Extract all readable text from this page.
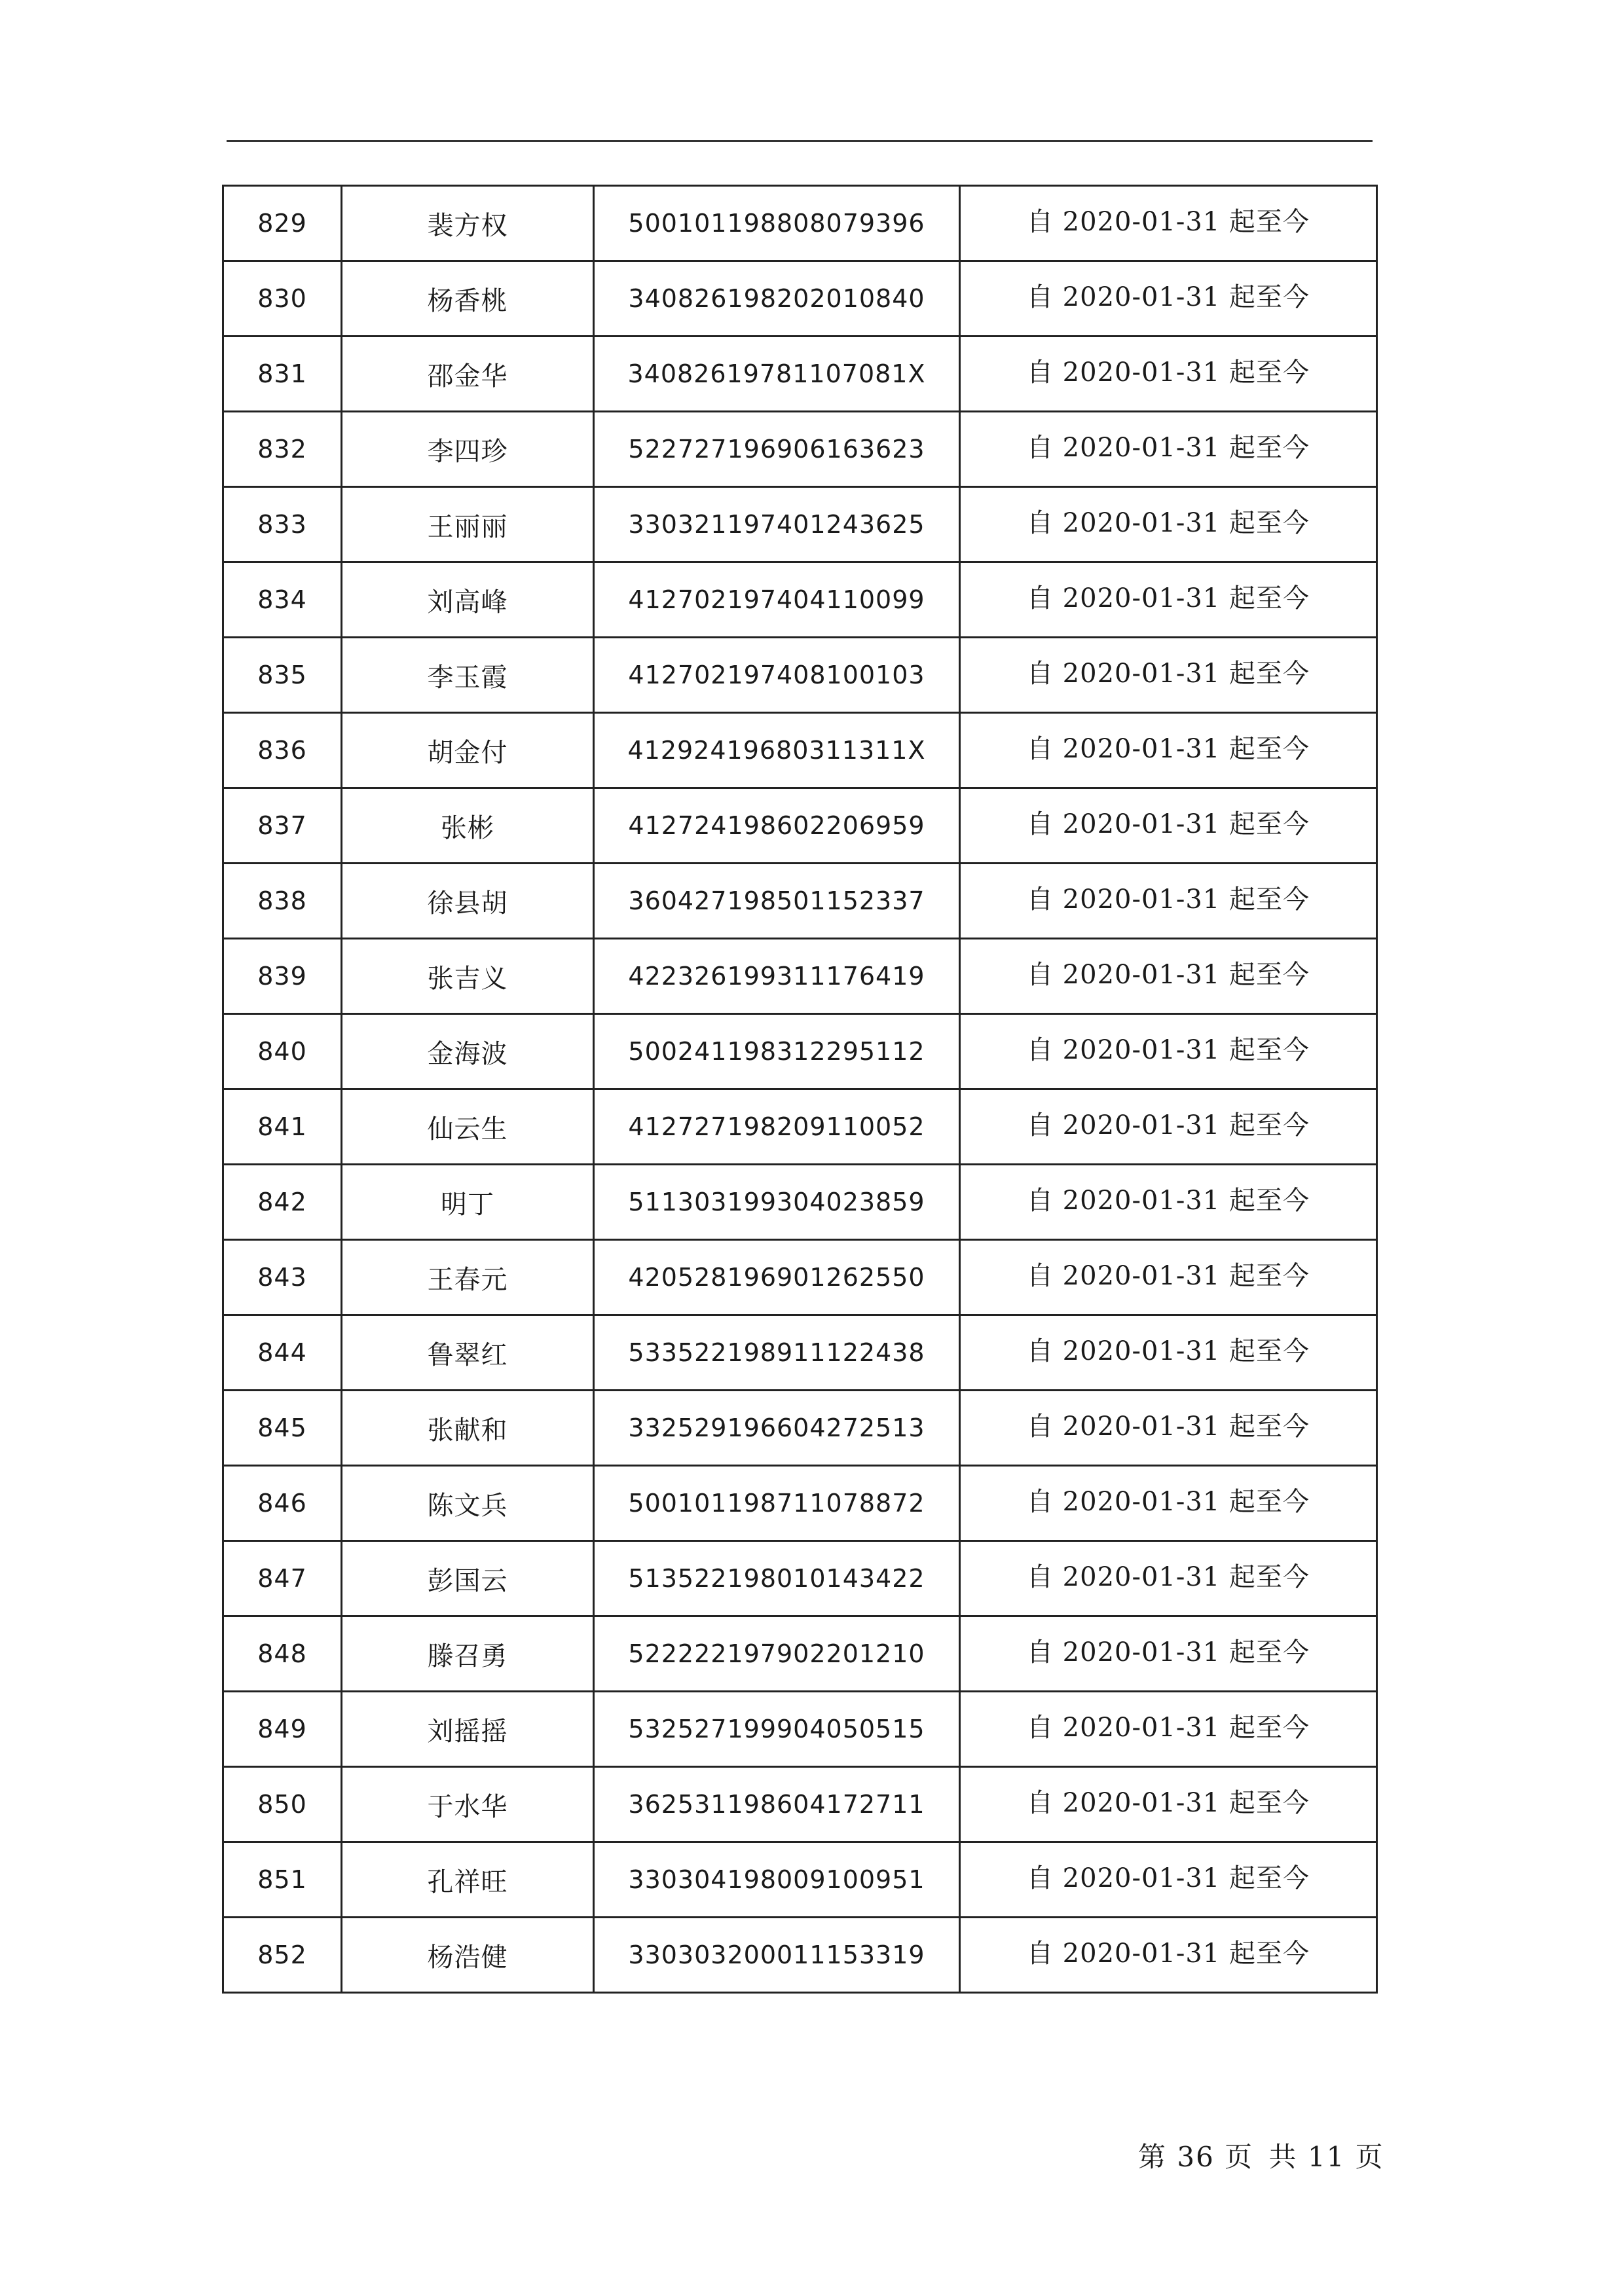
829	裴方权	500101198808079396	自 2020-01-31 起至今
830	杨香桃	340826198202010840	自 2020-01-31 起至今
831	邵金华	34082619781107081X	自 2020-01-31 起至今
832	李四珍	522727196906163623	自 2020-01-31 起至今
833	王丽丽	330321197401243625	自 2020-01-31 起至今
834	刘高峰	412702197404110099	自 2020-01-31 起至今
835	李玉霞	412702197408100103	自 2020-01-31 起至今
836	胡金付	41292419680311311X	自 2020-01-31 起至今
837	张彬	412724198602206959	自 2020-01-31 起至今
838	徐县胡	360427198501152337	自 2020-01-31 起至今
839	张吉义	422326199311176419	自 2020-01-31 起至今
840	金海波	500241198312295112	自 2020-01-31 起至今
841	仙云生	412727198209110052	自 2020-01-31 起至今
842	明丁	511303199304023859	自 2020-01-31 起至今
843	王春元	420528196901262550	自 2020-01-31 起至今
844	鲁翠红	533522198911122438	自 2020-01-31 起至今
845	张献和	332529196604272513	自 2020-01-31 起至今
846	陈文兵	500101198711078872	自 2020-01-31 起至今
847	彭国云	513522198010143422	自 2020-01-31 起至今
848	滕召勇	522222197902201210	自 2020-01-31 起至今
849	刘摇摇	532527199904050515	自 2020-01-31 起至今
850	于水华	362531198604172711	自 2020-01-31 起至今
851	孔祥旺	330304198009100951	自 2020-01-31 起至今
852	杨浩健	330303200011153319	自 2020-01-31 起至今
第 36 页 共 11 页
